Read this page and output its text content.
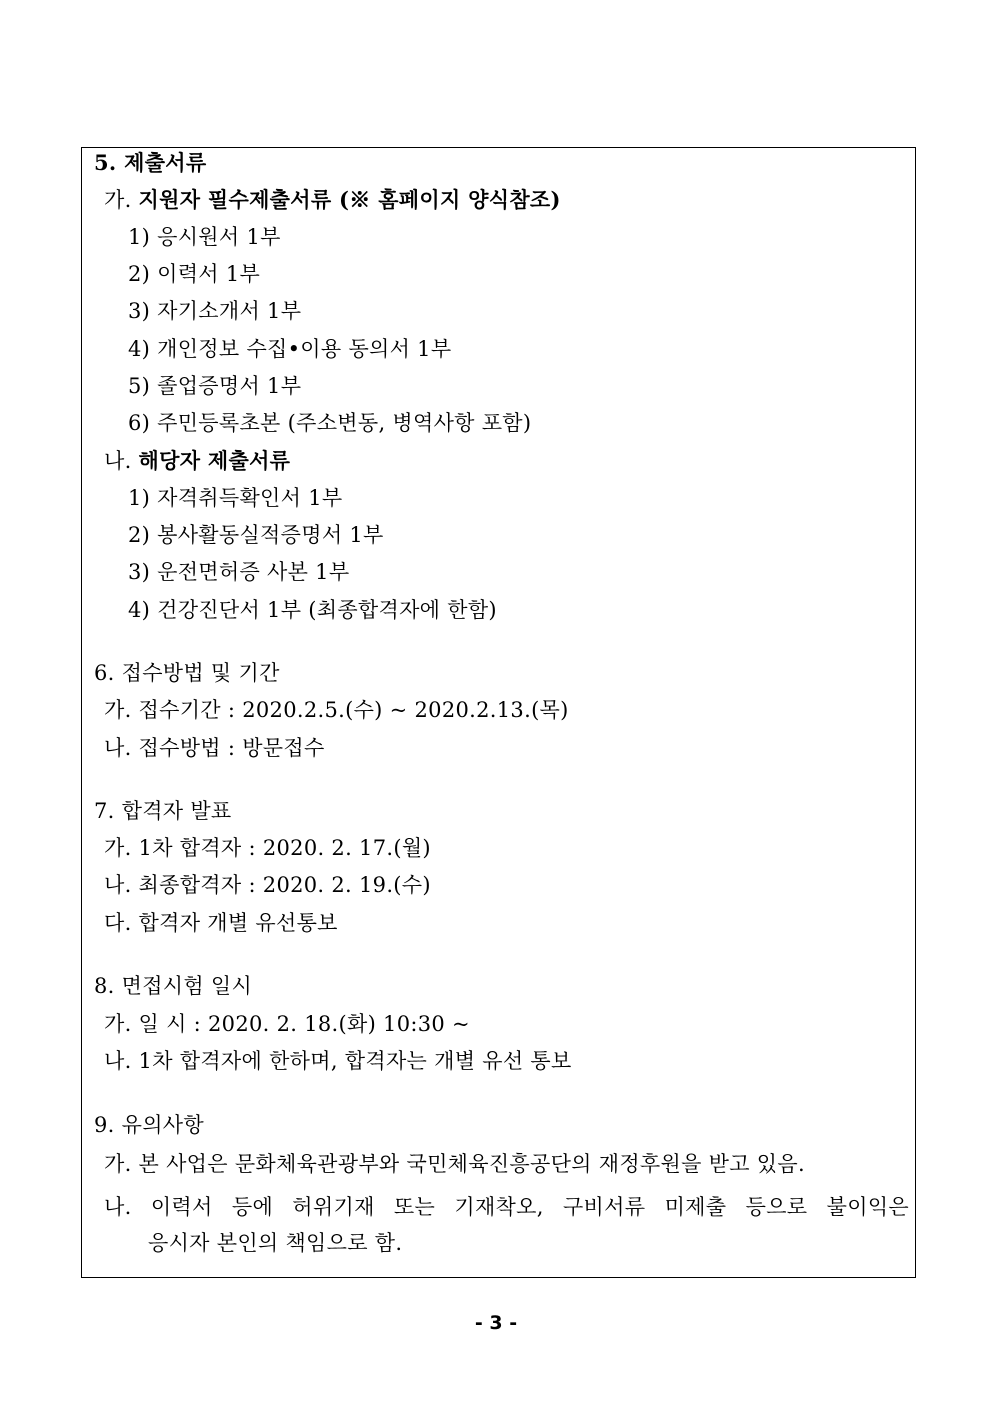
5. 제출서류
가. 지원자 필수제출서류 (※ 홈페이지 양식참조)
1) 응시원서 1부
2) 이력서 1부
3) 자기소개서 1부
4) 개인정보 수집•이용 동의서 1부
5) 졸업증명서 1부
6) 주민등록초본 (주소변동, 병역사항 포함)
나. 해당자 제출서류
1) 자격취득확인서 1부
2) 봉사활동실적증명서 1부
3) 운전면허증 사본 1부
4) 건강진단서 1부 (최종합격자에 한함)
6. 접수방법 및 기간
가. 접수기간 : 2020.2.5.(수) ~ 2020.2.13.(목)
나. 접수방법 : 방문접수
7. 합격자 발표
가. 1차 합격자 : 2020. 2. 17.(월)
나. 최종합격자 : 2020. 2. 19.(수)
다. 합격자 개별 유선통보
8. 면접시험 일시
가. 일 시 : 2020. 2. 18.(화) 10:30 ~
나. 1차 합격자에 한하며, 합격자는 개별 유선 통보
9. 유의사항
가. 본 사업은 문화체육관광부와 국민체육진흥공단의 재정후원을 받고 있음.
나. 이력서 등에 허위기재 또는 기재착오, 구비서류 미제출 등으로 불이익은
응시자 본인의 책임으로 함.
- 3 -
